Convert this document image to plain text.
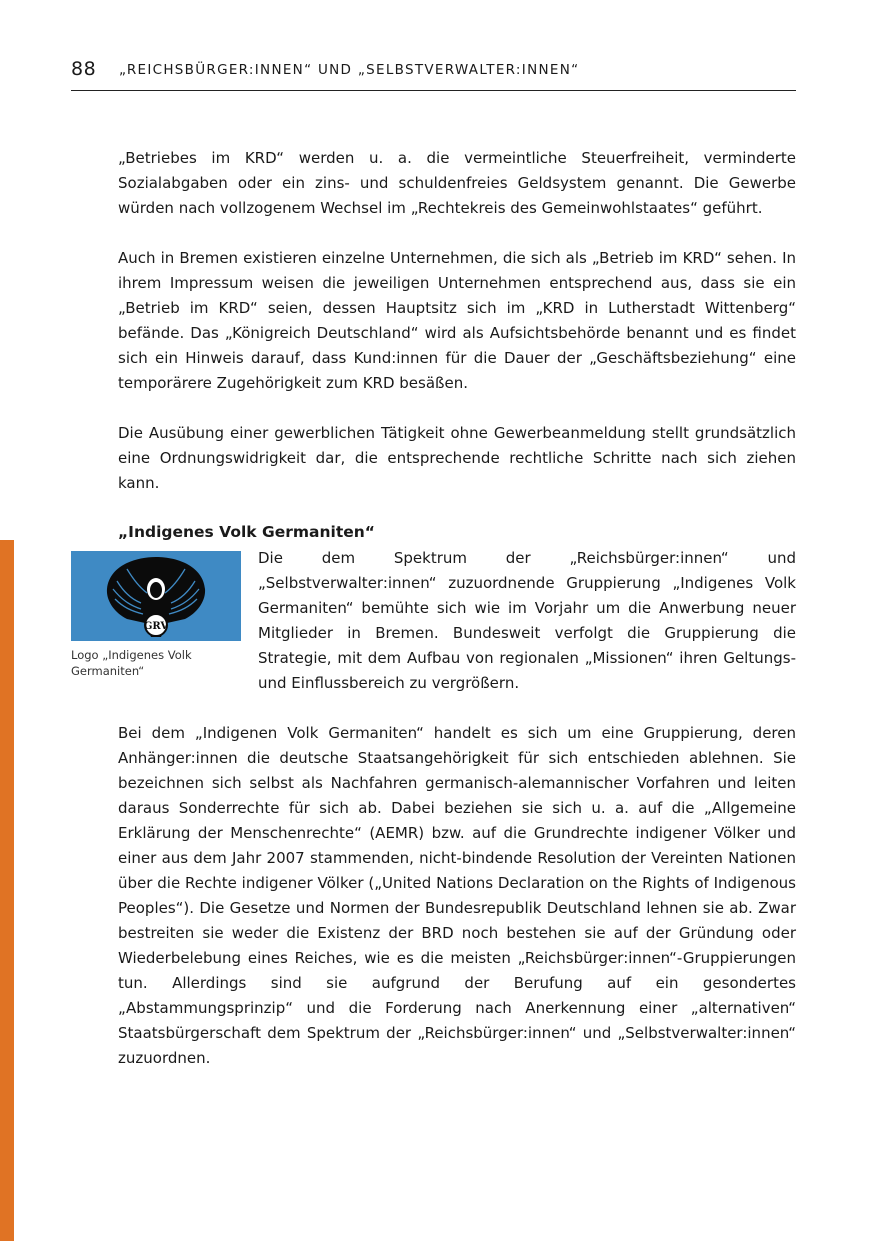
88 „REICHSBÜRGER:INNEN“ UND „SELBSTVERWALTER:INNEN“

„Betriebes im KRD“ werden u. a. die vermeintliche Steuerfreiheit, verminderte Sozialabgaben oder ein zins- und schuldenfreies Geldsystem genannt. Die Gewerbe würden nach vollzogenem Wechsel im „Rechtekreis des Gemeinwohlstaates“ geführt.

Auch in Bremen existieren einzelne Unternehmen, die sich als „Betrieb im KRD“ sehen. In ihrem Impressum weisen die jeweiligen Unternehmen entsprechend aus, dass sie ein „Betrieb im KRD“ seien, dessen Hauptsitz sich im „KRD in Lutherstadt Wittenberg“ befände. Das „Königreich Deutschland“ wird als Aufsichtsbehörde benannt und es findet sich ein Hinweis darauf, dass Kund:innen für die Dauer der „Geschäftsbeziehung“ eine temporärere Zugehörigkeit zum KRD besäßen.

Die Ausübung einer gewerblichen Tätigkeit ohne Gewerbeanmeldung stellt grundsätzlich eine Ordnungswidrigkeit dar, die entsprechende rechtliche Schritte nach sich ziehen kann.

„Indigenes Volk Germaniten“
GRV
Logo „Indigenes Volk Germaniten“

Die dem Spektrum der „Reichsbürger:innen“ und „Selbstverwalter:innen“ zuzuordnende Gruppierung „Indigenes Volk Germaniten“ bemühte sich wie im Vorjahr um die Anwerbung neuer Mitglieder in Bremen. Bundesweit verfolgt die Gruppierung die Strategie, mit dem Aufbau von regionalen „Missionen“ ihren Geltungs- und Einflussbereich zu vergrößern.

Bei dem „Indigenen Volk Germaniten“ handelt es sich um eine Gruppierung, deren Anhänger:innen die deutsche Staatsangehörigkeit für sich entschieden ablehnen. Sie bezeichnen sich selbst als Nachfahren germanisch-alemannischer Vorfahren und leiten daraus Sonderrechte für sich ab. Dabei beziehen sie sich u. a. auf die „Allgemeine Erklärung der Menschenrechte“ (AEMR) bzw. auf die Grundrechte indigener Völker und einer aus dem Jahr 2007 stammenden, nicht-bindende Resolution der Vereinten Nationen über die Rechte indigener Völker („United Nations Declaration on the Rights of Indigenous Peoples“). Die Gesetze und Normen der Bundesrepublik Deutschland lehnen sie ab. Zwar bestreiten sie weder die Existenz der BRD noch bestehen sie auf der Gründung oder Wiederbelebung eines Reiches, wie es die meisten „Reichsbürger:innen“-Gruppierungen tun. Allerdings sind sie aufgrund der Berufung auf ein gesondertes „Abstammungsprinzip“ und die Forderung nach Anerkennung einer „alternativen“ Staatsbürgerschaft dem Spektrum der „Reichsbürger:innen“ und „Selbstverwalter:innen“ zuzuordnen.
